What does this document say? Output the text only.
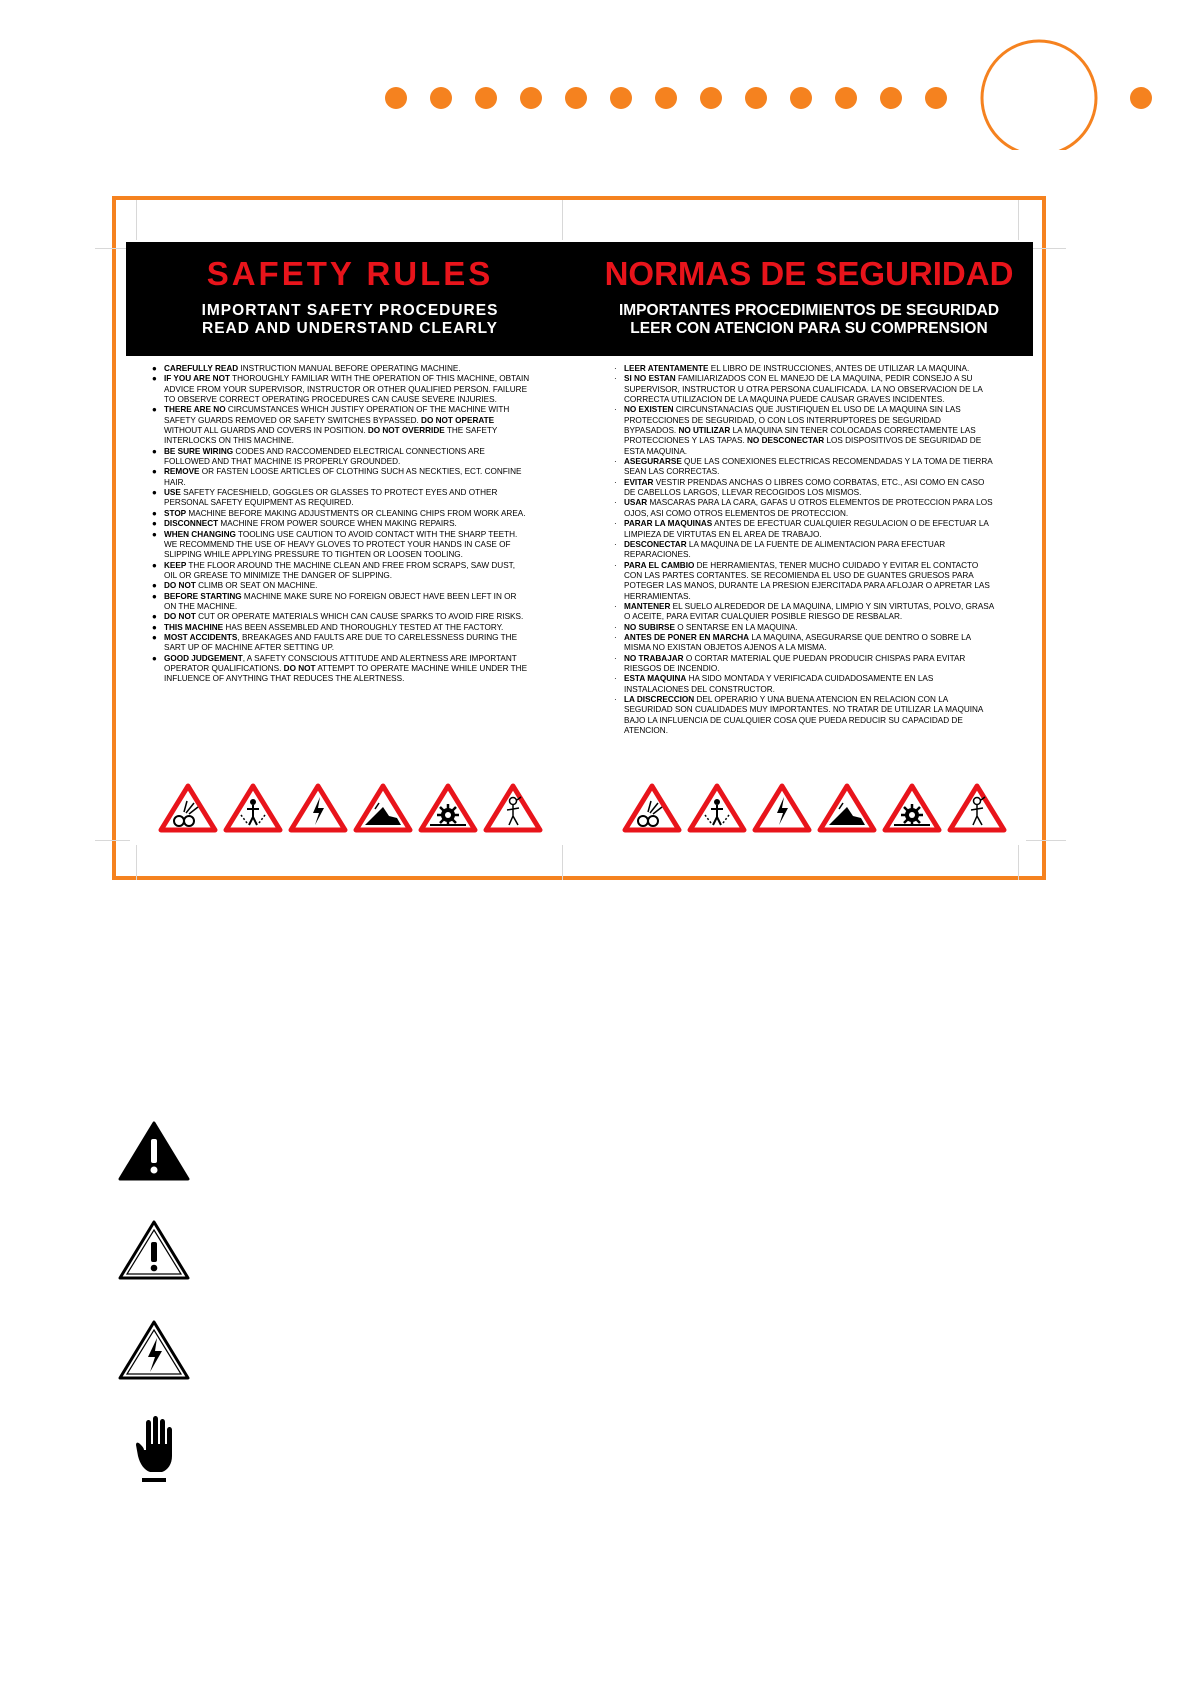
SAFETY RULES
IMPORTANT SAFETY PROCEDURES
READ AND UNDERSTAND CLEARLY
NORMAS DE SEGURIDAD
IMPORTANTES PROCEDIMIENTOS DE SEGURIDAD
LEER CON ATENCION PARA SU COMPRENSION
● CAREFULLY READ INSTRUCTION MANUAL BEFORE OPERATING MACHINE.
● IF YOU ARE NOT THOROUGHLY FAMILIAR WITH THE OPERATION OF THIS MACHINE, OBTAIN ADVICE FROM YOUR SUPERVISOR, INSTRUCTOR OR OTHER QUALIFIED PERSON. FAILURE TO OBSERVE CORRECT OPERATING PROCEDURES CAN CAUSE SEVERE INJURIES.
● THERE ARE NO CIRCUMSTANCES WHICH JUSTIFY OPERATION OF THE MACHINE WITH SAFETY GUARDS REMOVED OR SAFETY SWITCHES BYPASSED. DO NOT OPERATE WITHOUT ALL GUARDS AND COVERS IN POSITION. DO NOT OVERRIDE THE SAFETY INTERLOCKS ON THIS MACHINE.
● BE SURE WIRING CODES AND RACCOMENDED ELECTRICAL CONNECTIONS ARE FOLLOWED AND THAT MACHINE IS PROPERLY GROUNDED.
● REMOVE OR FASTEN LOOSE ARTICLES OF CLOTHING SUCH AS NECKTIES, ECT. CONFINE HAIR.
● USE SAFETY FACESHIELD, GOGGLES OR GLASSES TO PROTECT EYES AND OTHER PERSONAL SAFETY EQUIPMENT AS REQUIRED.
● STOP MACHINE BEFORE MAKING ADJUSTMENTS OR CLEANING CHIPS FROM WORK AREA.
● DISCONNECT MACHINE FROM POWER SOURCE WHEN MAKING REPAIRS.
● WHEN CHANGING TOOLING USE CAUTION TO AVOID CONTACT WITH THE SHARP TEETH. WE RECOMMEND THE USE OF HEAVY GLOVES TO PROTECT YOUR HANDS IN CASE OF SLIPPING WHILE APPLYING PRESSURE TO TIGHTEN OR LOOSEN TOOLING.
● KEEP THE FLOOR AROUND THE MACHINE CLEAN AND FREE FROM SCRAPS, SAW DUST, OIL OR GREASE TO MINIMIZE THE DANGER OF SLIPPING.
● DO NOT CLIMB OR SEAT ON MACHINE.
● BEFORE STARTING MACHINE MAKE SURE NO FOREIGN OBJECT HAVE BEEN LEFT IN OR ON THE MACHINE.
● DO NOT CUT OR OPERATE MATERIALS WHICH CAN CAUSE SPARKS TO AVOID FIRE RISKS.
● THIS MACHINE HAS BEEN ASSEMBLED AND THOROUGHLY TESTED AT THE FACTORY.
● MOST ACCIDENTS, BREAKAGES AND FAULTS ARE DUE TO CARELESSNESS DURING THE SART UP OF MACHINE AFTER SETTING UP.
● GOOD JUDGEMENT, A SAFETY CONSCIOUS ATTITUDE AND ALERTNESS ARE IMPORTANT OPERATOR QUALIFICATIONS. DO NOT ATTEMPT TO OPERATE MACHINE WHILE UNDER THE INFLUENCE OF ANYTHING THAT REDUCES THE ALERTNESS.
· LEER ATENTAMENTE EL LIBRO DE INSTRUCCIONES, ANTES DE UTILIZAR LA MAQUINA.
· SI NO ESTAN FAMILIARIZADOS CON EL MANEJO DE LA MAQUINA, PEDIR CONSEJO A SU SUPERVISOR, INSTRUCTOR U OTRA PERSONA CUALIFICADA. LA NO OBSERVACION DE LA CORRECTA UTILIZACION DE LA MAQUINA PUEDE CAUSAR GRAVES INCIDENTES.
· NO EXISTEN CIRCUNSTANACIAS QUE JUSTIFIQUEN EL USO DE LA MAQUINA SIN LAS PROTECCIONES DE SEGURIDAD, O CON LOS INTERRUPTORES DE SEGURIDAD BYPASADOS. NO UTILIZAR LA MAQUINA SIN TENER COLOCADAS CORRECTAMENTE LAS PROTECCIONES Y LAS TAPAS. NO DESCONECTAR LOS DISPOSITIVOS DE SEGURIDAD DE ESTA MAQUINA.
· ASEGURARSE QUE LAS CONEXIONES ELECTRICAS RECOMENDADAS Y LA TOMA DE TIERRA SEAN LAS CORRECTAS.
· EVITAR VESTIR PRENDAS ANCHAS O LIBRES COMO CORBATAS, ETC., ASI COMO EN CASO DE CABELLOS LARGOS, LLEVAR RECOGIDOS LOS MISMOS.
· USAR MASCARAS PARA LA CARA, GAFAS U OTROS ELEMENTOS DE PROTECCION PARA LOS OJOS, ASI COMO OTROS ELEMENTOS DE PROTECCION.
· PARAR LA MAQUINAS ANTES DE EFECTUAR CUALQUIER REGULACION O DE EFECTUAR LA LIMPIEZA DE VIRTUTAS EN EL AREA DE TRABAJO.
· DESCONECTAR LA MAQUINA DE LA FUENTE DE ALIMENTACION PARA EFECTUAR REPARACIONES.
· PARA EL CAMBIO DE HERRAMIENTAS, TENER MUCHO CUIDADO Y EVITAR EL CONTACTO CON LAS PARTES CORTANTES. SE RECOMIENDA EL USO DE GUANTES GRUESOS PARA POTEGER LAS MANOS, DURANTE LA PRESION EJERCITADA PARA AFLOJAR O APRETAR LAS HERRAMIENTAS.
· MANTENER EL SUELO ALREDEDOR DE LA MAQUINA, LIMPIO Y SIN VIRTUTAS, POLVO, GRASA O ACEITE, PARA EVITAR CUALQUIER POSIBLE RIESGO DE RESBALAR.
· NO SUBIRSE O SENTARSE EN LA MAQUINA.
· ANTES DE PONER EN MARCHA LA MAQUINA, ASEGURARSE QUE DENTRO O SOBRE LA MISMA NO EXISTAN OBJETOS AJENOS A LA MISMA.
· NO TRABAJAR O CORTAR MATERIAL QUE PUEDAN PRODUCIR CHISPAS PARA EVITAR RIESGOS DE INCENDIO.
· ESTA MAQUINA HA SIDO MONTADA Y VERIFICADA CUIDADOSAMENTE EN LAS INSTALACIONES DEL CONSTRUCTOR.
· LA DISCRECCION DEL OPERARIO Y UNA BUENA ATENCION EN RELACION CON LA SEGURIDAD SON CUALIDADES MUY IMPORTANTES. NO TRATAR DE UTILIZAR LA MAQUINA BAJO LA INFLUENCIA DE CUALQUIER COSA QUE PUEDA REDUCIR SU CAPACIDAD DE ATENCION.
